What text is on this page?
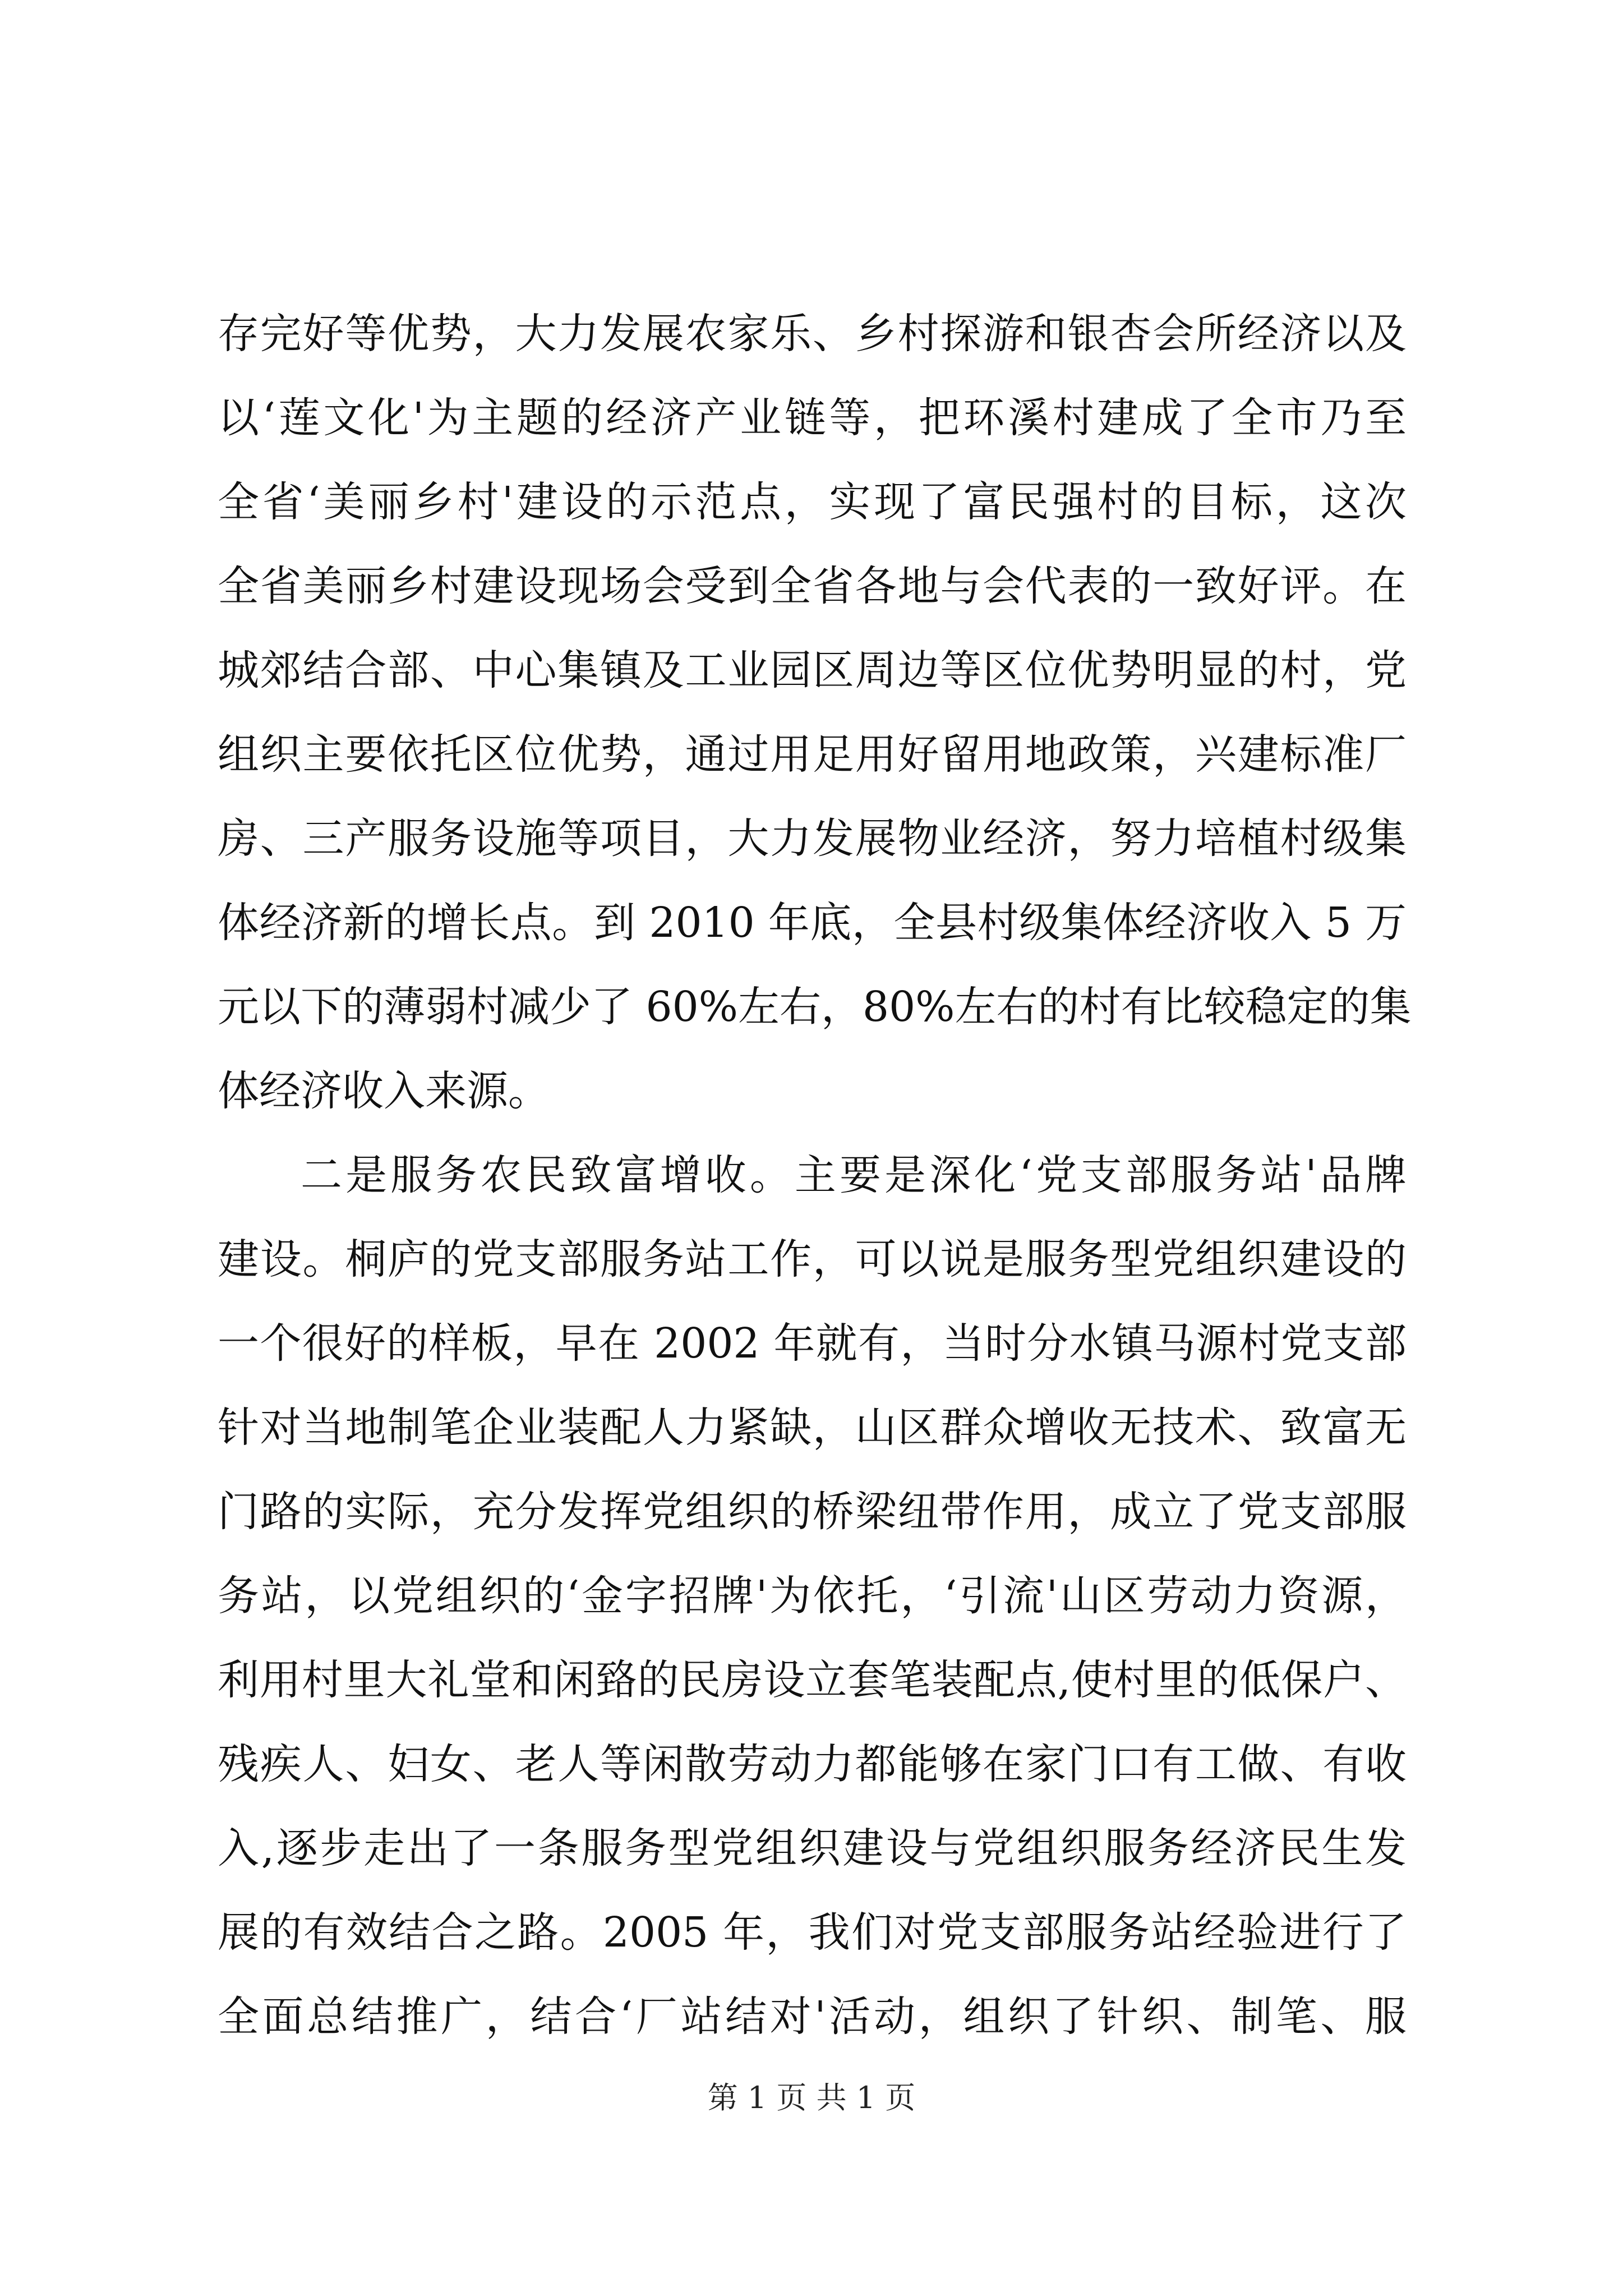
存完好等优势，大力发展农家乐、乡村探游和银杏会所经济以及
以‘莲文化'为主题的经济产业链等，把环溪村建成了全市乃至
全省‘美丽乡村'建设的示范点，实现了富民强村的目标，这次
全省美丽乡村建设现场会受到全省各地与会代表的一致好评。在
城郊结合部、中心集镇及工业园区周边等区位优势明显的村，党
组织主要依托区位优势，通过用足用好留用地政策，兴建标准厂
房、三产服务设施等项目，大力发展物业经济，努力培植村级集
体经济新的增长点。到 2010 年底，全县村级集体经济收入 5 万
元以下的薄弱村减少了 60%左右，80%左右的村有比较稳定的集
体经济收入来源。
二是服务农民致富增收。主要是深化‘党支部服务站'品牌
建设。桐庐的党支部服务站工作，可以说是服务型党组织建设的
一个很好的样板，早在 2002 年就有，当时分水镇马源村党支部
针对当地制笔企业装配人力紧缺，山区群众增收无技术、致富无
门路的实际，充分发挥党组织的桥梁纽带作用，成立了党支部服
务站，以党组织的‘金字招牌'为依托，‘引流'山区劳动力资源，
利用村里大礼堂和闲臵的民房设立套笔装配点,使村里的低保户、
残疾人、妇女、老人等闲散劳动力都能够在家门口有工做、有收
入,逐步走出了一条服务型党组织建设与党组织服务经济民生发
展的有效结合之路。2005 年，我们对党支部服务站经验进行了
全面总结推广，结合‘厂站结对'活动，组织了针织、制笔、服
第 1 页 共 1 页
